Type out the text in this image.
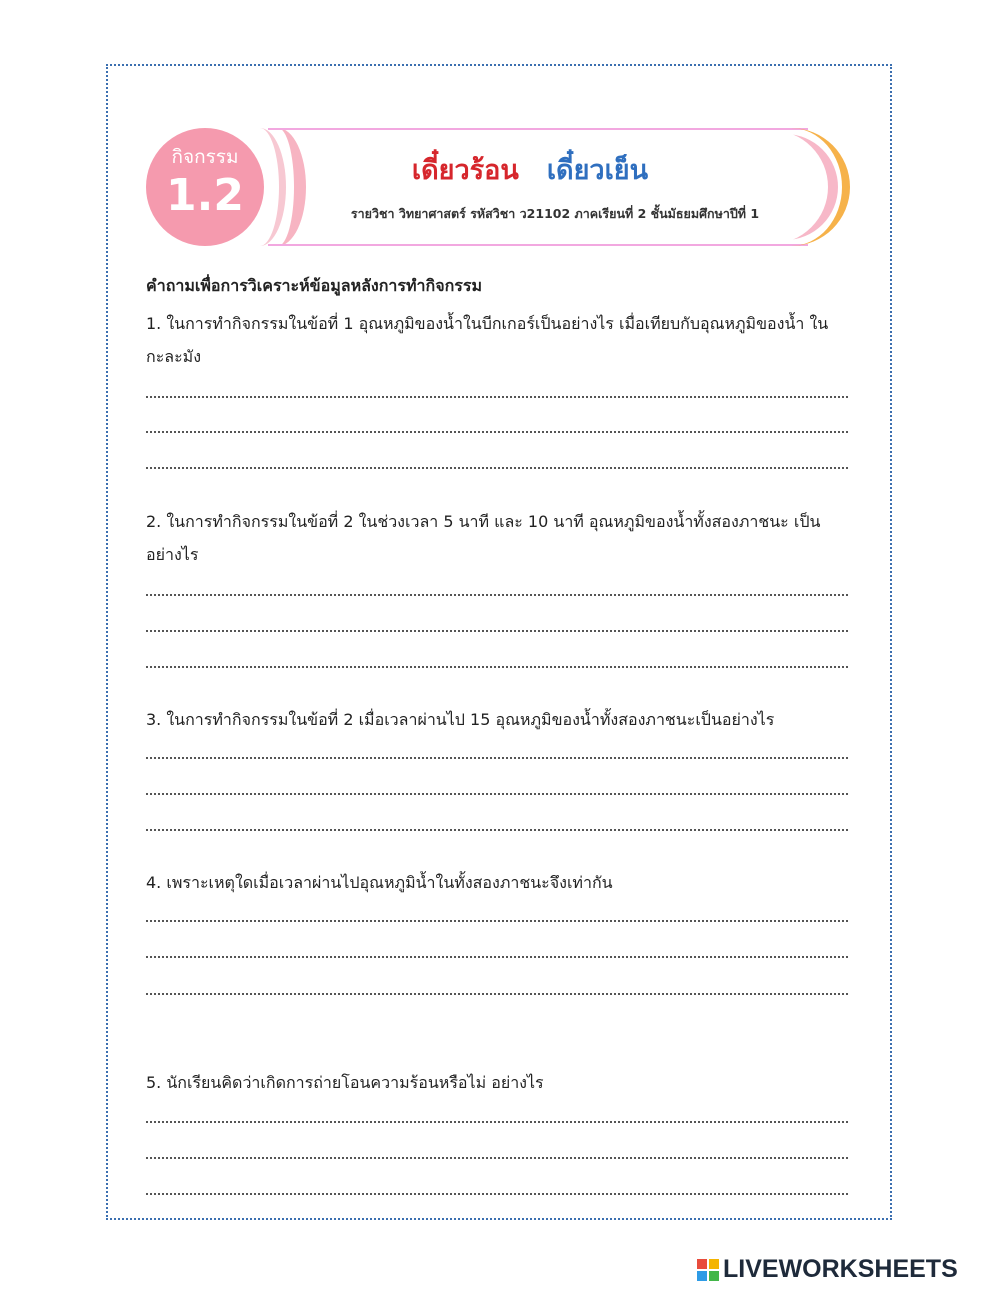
กิจกรรม
1.2	เดี๋ยวร้อน เดี๋ยวเย็น
รายวิชา วิทยาศาสตร์ รหัสวิชา ว21102 ภาคเรียนที่ 2 ชั้นมัธยมศึกษาปีที่ 1
คำถามเพื่อการวิเคราะห์ข้อมูลหลังการทำกิจกรรม
1. ในการทำกิจกรรมในข้อที่ 1 อุณหภูมิของน้ำในบีกเกอร์เป็นอย่างไร เมื่อเทียบกับอุณหภูมิของน้ำ ในกะละมัง
2. ในการทำกิจกรรมในข้อที่ 2 ในช่วงเวลา 5 นาที และ 10 นาที อุณหภูมิของน้ำทั้งสองภาชนะ เป็นอย่างไร
3. ในการทำกิจกรรมในข้อที่ 2 เมื่อเวลาผ่านไป 15 อุณหภูมิของน้ำทั้งสองภาชนะเป็นอย่างไร
4. เพราะเหตุใดเมื่อเวลาผ่านไปอุณหภูมิน้ำในทั้งสองภาชนะจึงเท่ากัน
5. นักเรียนคิดว่าเกิดการถ่ายโอนความร้อนหรือไม่ อย่างไร
LIVEWORKSHEETS
